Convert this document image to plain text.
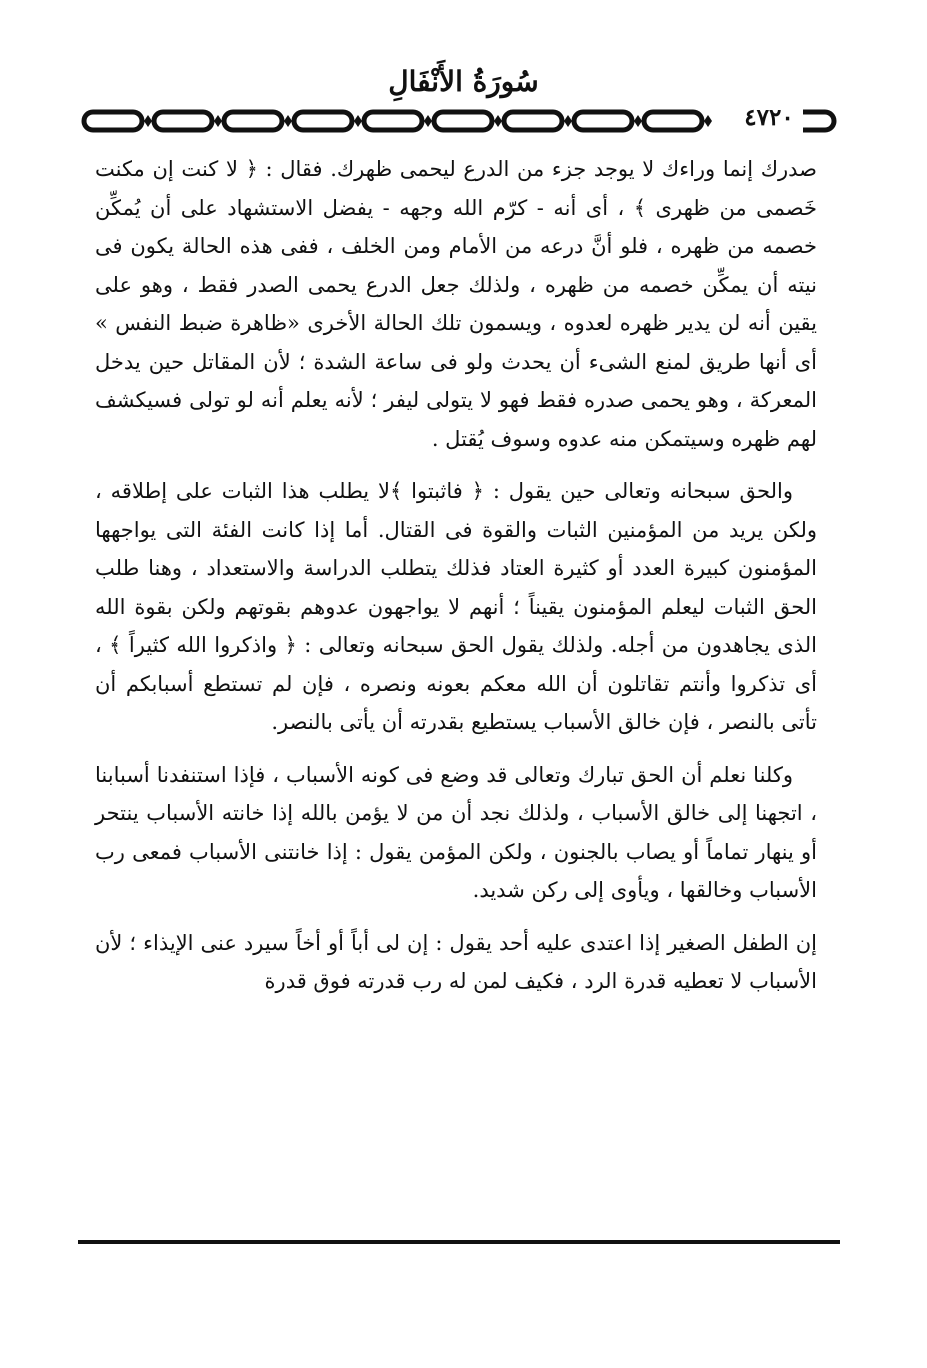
سُورَةُ الأَنْفَالِ
٤٧٢٠

صدرك إنما وراءك لا يوجد جزء من الدرع ليحمى ظهرك. فقال : ﴿ لا كنت إن مكنت خَصمى من ظهرى ﴾ ، أى أنه - كرّم الله وجهه - يفضل الاستشهاد على أن يُمكِّن خصمه من ظهره ، فلو أنَّ درعه من الأمام ومن الخلف ، ففى هذه الحالة يكون فى نيته أن يمكِّن خصمه من ظهره ، ولذلك جعل الدرع يحمى الصدر فقط ، وهو على يقين أنه لن يدير ظهره لعدوه ، ويسمون تلك الحالة الأخرى «ظاهرة ضبط النفس » أى أنها طريق لمنع الشىء أن يحدث ولو فى ساعة الشدة ؛ لأن المقاتل حين يدخل المعركة ، وهو يحمى صدره فقط فهو لا يتولى ليفر ؛ لأنه يعلم أنه لو تولى فسيكشف لهم ظهره وسيتمكن منه عدوه وسوف يُقتل .

والحق سبحانه وتعالى حين يقول : ﴿ فاثبتوا ﴾لا يطلب هذا الثبات على إطلاقه ، ولكن يريد من المؤمنين الثبات والقوة فى القتال. أما إذا كانت الفئة التى يواجهها المؤمنون كبيرة العدد أو كثيرة العتاد فذلك يتطلب الدراسة والاستعداد ، وهنا طلب الحق الثبات ليعلم المؤمنون يقيناً ؛ أنهم لا يواجهون عدوهم بقوتهم ولكن بقوة الله الذى يجاهدون من أجله. ولذلك يقول الحق سبحانه وتعالى : ﴿ واذكروا الله كثيراً ﴾ ، أى تذكروا وأنتم تقاتلون أن الله معكم بعونه ونصره ، فإن لم تستطع أسبابكم أن تأتى بالنصر ، فإن خالق الأسباب يستطيع بقدرته أن يأتى بالنصر.

وكلنا نعلم أن الحق تبارك وتعالى قد وضع فى كونه الأسباب ، فإذا استنفدنا أسبابنا ، اتجهنا إلى خالق الأسباب ، ولذلك نجد أن من لا يؤمن بالله إذا خانته الأسباب ينتحر أو ينهار تماماً أو يصاب بالجنون ، ولكن المؤمن يقول : إذا خانتنى الأسباب فمعى رب الأسباب وخالقها ، ويأوى إلى ركن شديد.

إن الطفل الصغير إذا اعتدى عليه أحد يقول : إن لى أباً أو أخاً سيرد عنى الإيذاء ؛ لأن الأسباب لا تعطيه قدرة الرد ، فكيف لمن له رب قدرته فوق قدرة
